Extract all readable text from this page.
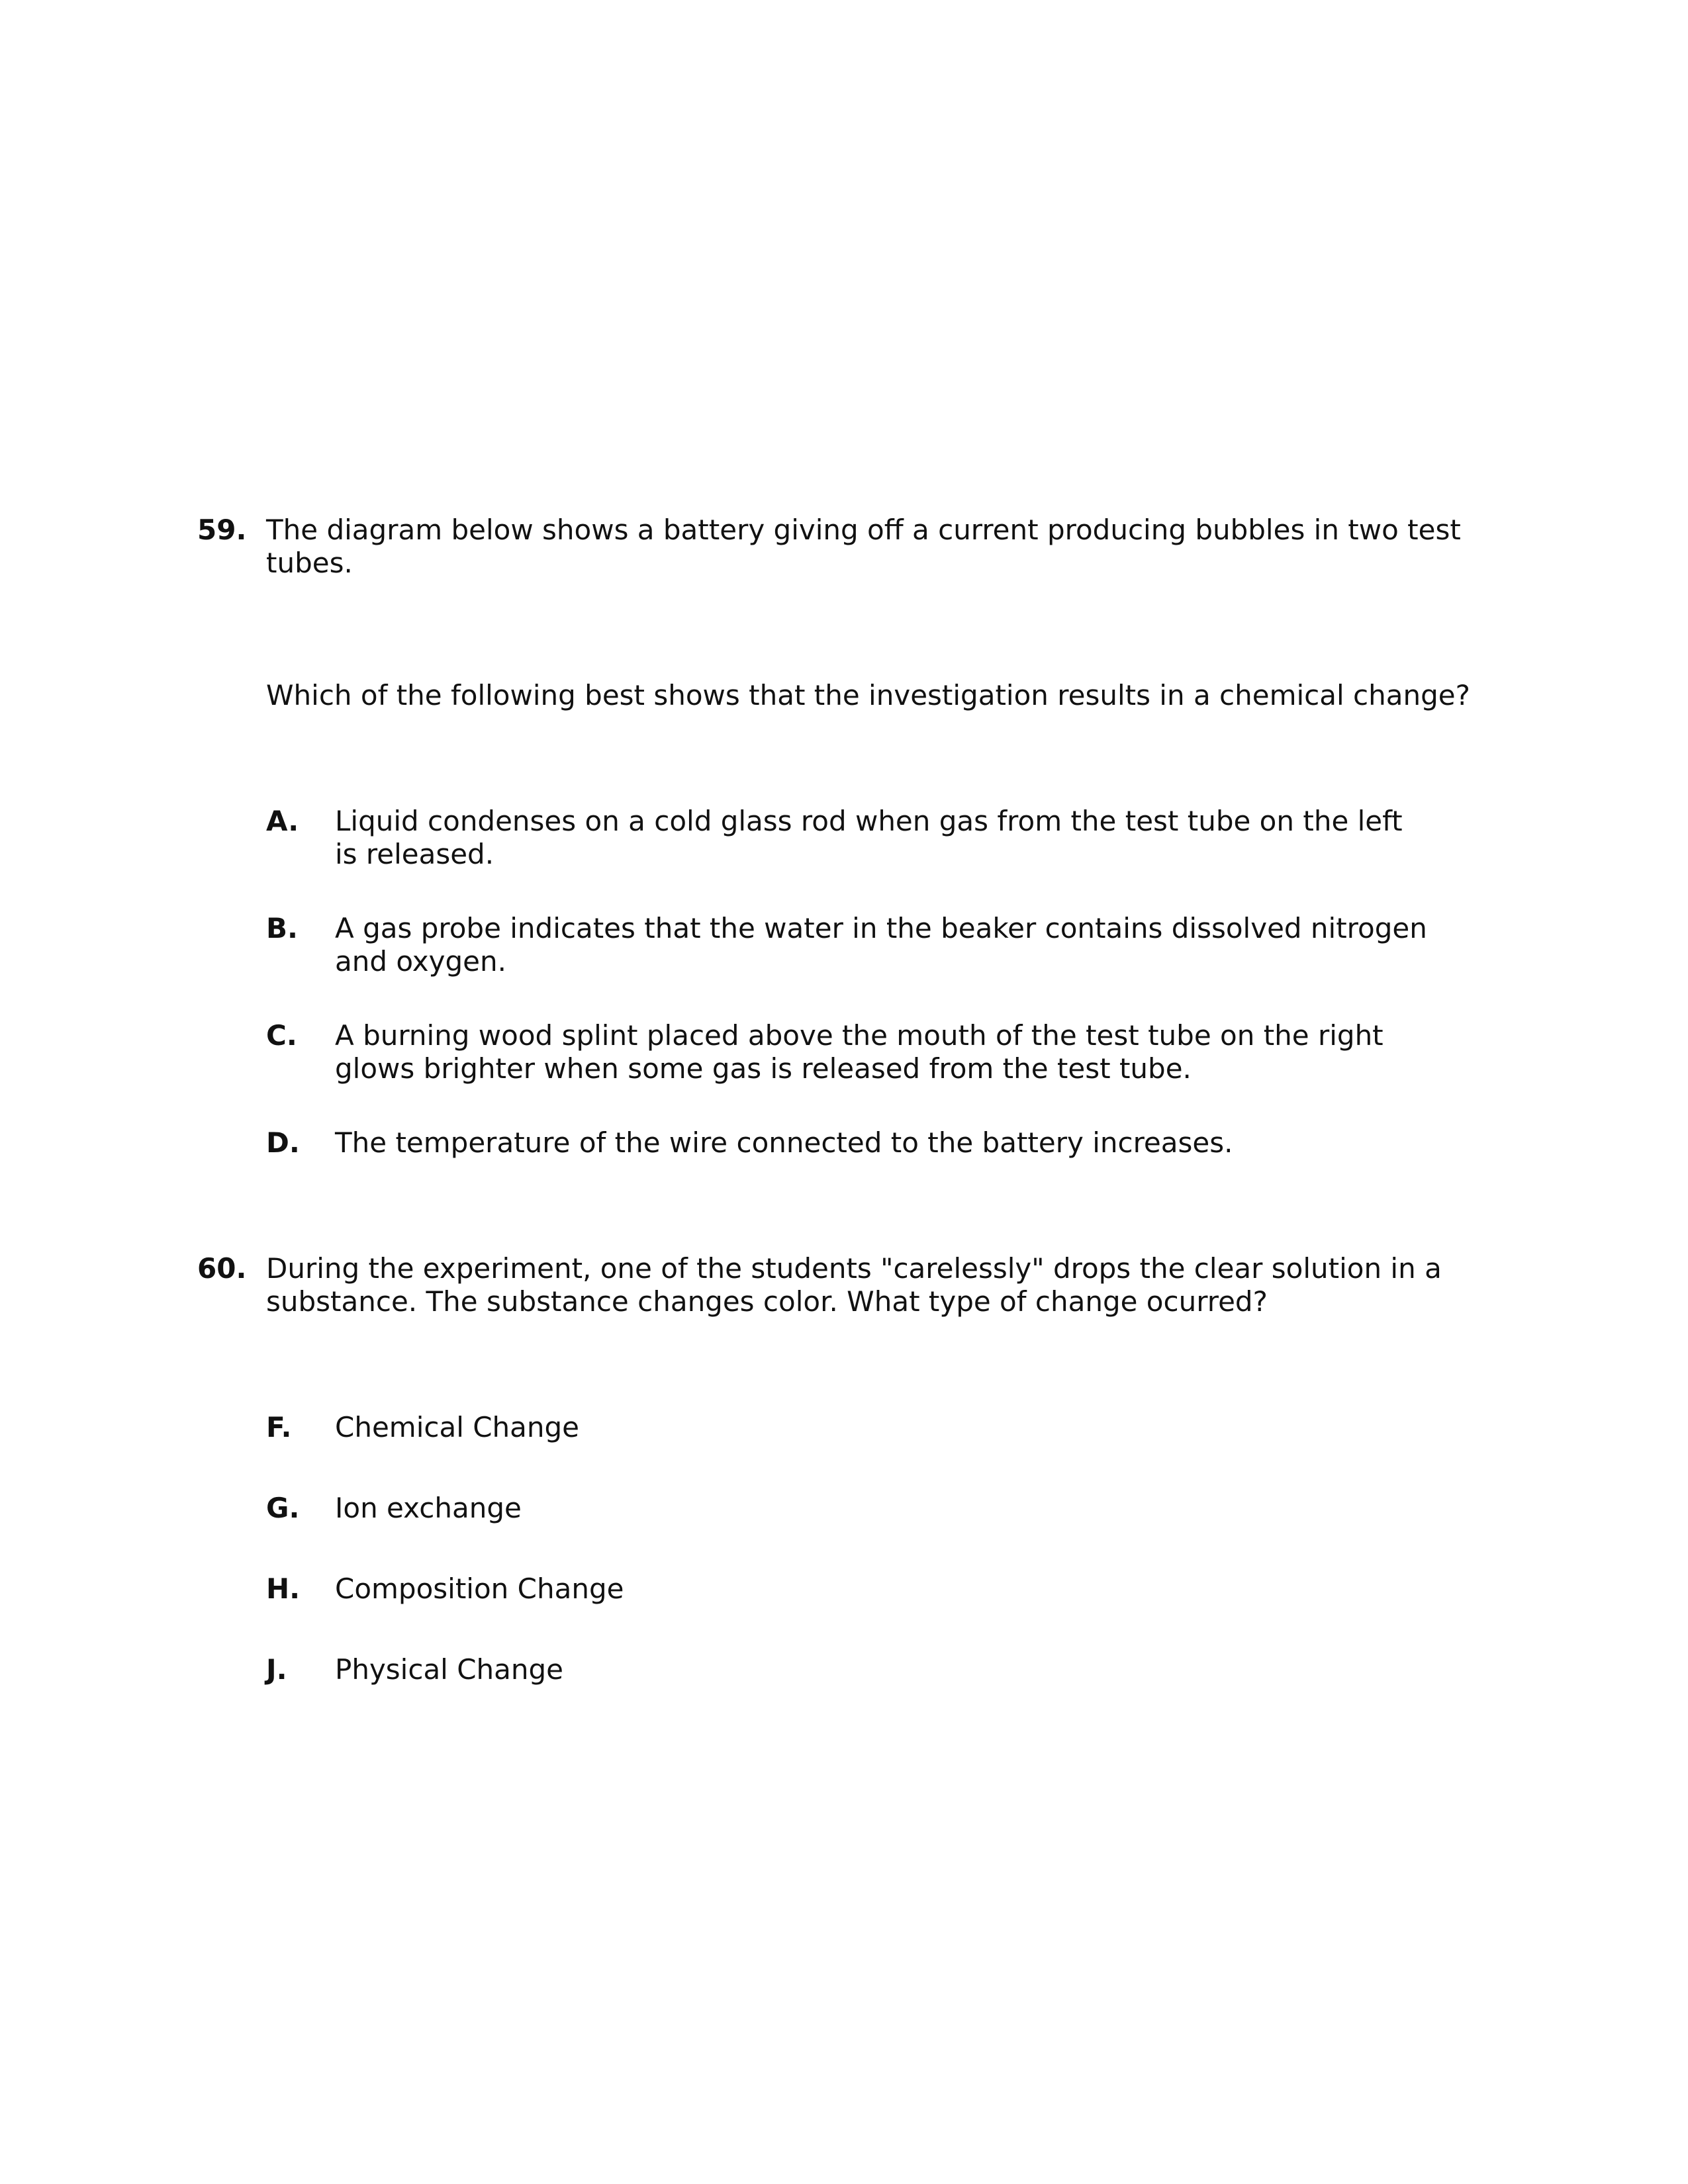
59. The diagram below shows a battery giving off a current producing bubbles in two test
tubes.
Which of the following best shows that the investigation results in a chemical change?
A. Liquid condenses on a cold glass rod when gas from the test tube on the left
is released.
B. A gas probe indicates that the water in the beaker contains dissolved nitrogen
and oxygen.
C. A burning wood splint placed above the mouth of the test tube on the right
glows brighter when some gas is released from the test tube.
D. The temperature of the wire connected to the battery increases.
60. During the experiment, one of the students "carelessly" drops the clear solution in a
substance. The substance changes color. What type of change ocurred?
F. Chemical Change
G. Ion exchange
H. Composition Change
J. Physical Change
